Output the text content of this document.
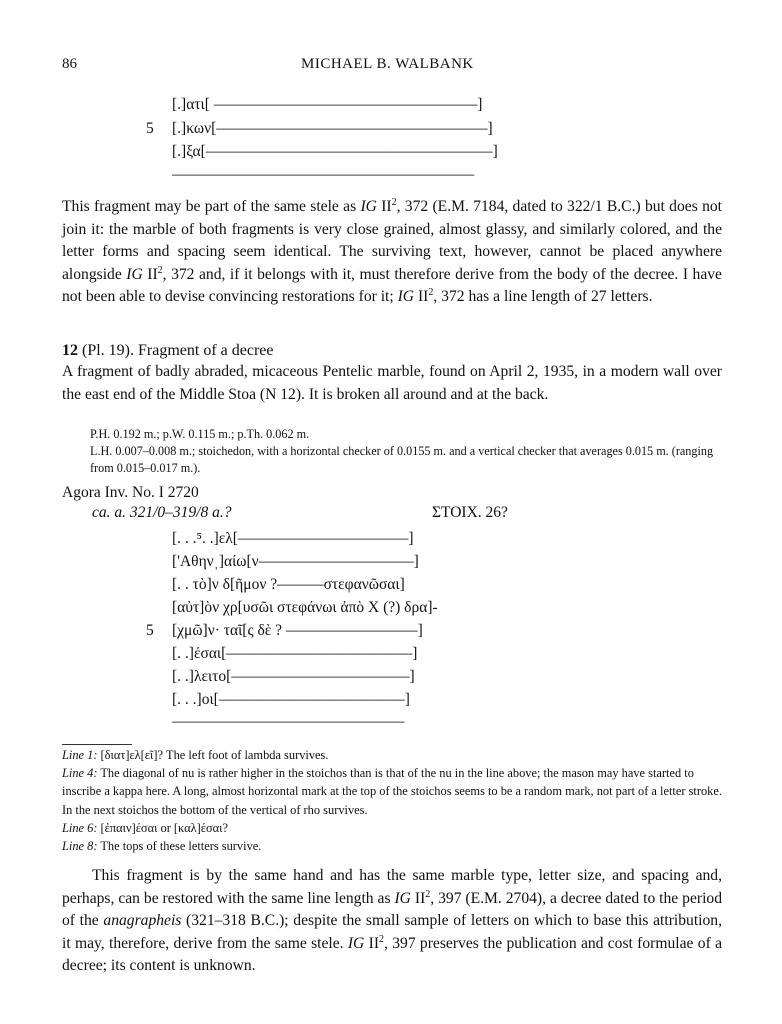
86	MICHAEL B. WALBANK
[.]ατι[ ––––––––––––––––––––––––––––––––––]
5 [.]κων[–––––––––––––––––––––––––––––––––––]
[.]ξα[–––––––––––––––––––––––––––––––––––––]
–––––––––––––––––––––––––––––––––––––––
This fragment may be part of the same stele as IG $II^2$, 372 (E.M. 7184, dated to 322/1 B.C.) but does not join it: the marble of both fragments is very close grained, almost glassy, and similarly colored, and the letter forms and spacing seem identical. The surviving text, however, cannot be placed anywhere alongside IG $II^2$, 372 and, if it belongs with it, must therefore derive from the body of the decree. I have not been able to devise convincing restorations for it; IG $II^2$, 372 has a line length of 27 letters.
12 (Pl. 19). Fragment of a decree
A fragment of badly abraded, micaceous Pentelic marble, found on April 2, 1935, in a modern wall over the east end of the Middle Stoa (N 12). It is broken all around and at the back.
P.H. 0.192 m.; p.W. 0.115 m.; p.Th. 0.062 m.
L.H. 0.007–0.008 m.; stoichedon, with a horizontal checker of 0.0155 m. and a vertical checker that averages 0.015 m. (ranging from 0.015–0.017 m.).
Agora Inv. No. I 2720
ca. a. 321/0–319/8 a.?	ΣΤΟΙΧ. 26?
[. . .⁵. .]ελ[––––––––––––––––––––––]
['Αθηνˌ]αίω[ν––––––––––––––––––––]
[. . τὸ]ν δ[ῆμον ?––––––στεφανῶσαι]
[αὐτ]ὸν χρ[υσῶι στεφάνωι ἀπὸ Χ (?) δρα]-
5 [χμῶ]ν· ταῖ[ς δὲ ? –––––––––––––––––]
[. .]έσαι[––––––––––––––––––––––––]
[. .]λειτο[–––––––––––––––––––––––]
[. . .]οι[––––––––––––––––––––––––]
––––––––––––––––––––––––––––––
Line 1: [διατ]ελ[εῖ]? The left foot of lambda survives.
Line 4: The diagonal of nu is rather higher in the stoichos than is that of the nu in the line above; the mason may have started to inscribe a kappa here. A long, almost horizontal mark at the top of the stoichos seems to be a random mark, not part of a letter stroke. In the next stoichos the bottom of the vertical of rho survives.
Line 6: [ἐπαιν]έσαι or [καλ]έσαι?
Line 8: The tops of these letters survive.
This fragment is by the same hand and has the same marble type, letter size, and spacing and, perhaps, can be restored with the same line length as IG $II^2$, 397 (E.M. 2704), a decree dated to the period of the anagrapheis (321–318 B.C.); despite the small sample of letters on which to base this attribution, it may, therefore, derive from the same stele. IG $II^2$, 397 preserves the publication and cost formulae of a decree; its content is unknown.
